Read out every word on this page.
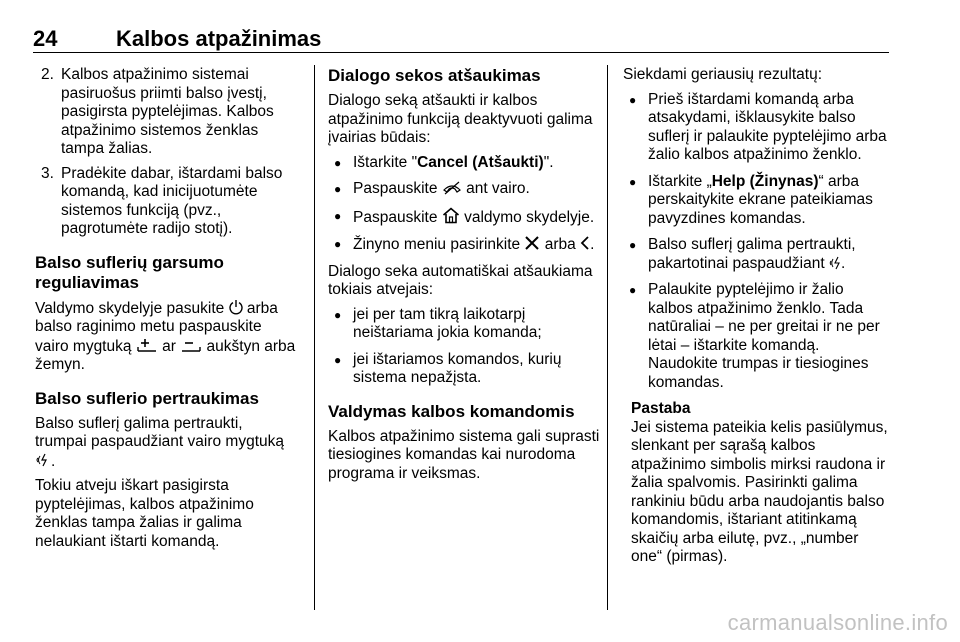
24	Kalbos atpažinimas
2. Kalbos atpažinimo sistemai pasiruošus priimti balso įvestį, pasigirsta pyptelėjimas. Kalbos atpažinimo sistemos ženklas tampa žalias.
3. Pradėkite dabar, ištardami balso komandą, kad inicijuotumėte sistemos funkciją (pvz., pagrotumėte radijo stotį).
Balso suflerių garsumo reguliavimas

Valdymo skydelyje pasukite arba balso raginimo metu paspauskite vairo mygtuką ar aukštyn arba žemyn.

Balso suflerio pertraukimas

Balso suflerį galima pertraukti, trumpai paspaudžiant vairo mygtuką .

Tokiu atveju iškart pasigirsta pyptelėjimas, kalbos atpažinimo ženklas tampa žalias ir galima nelaukiant ištarti komandą.

Dialogo sekos atšaukimas

Dialogo seką atšaukti ir kalbos atpažinimo funkciją deaktyvuoti galima įvairias būdais:

● Ištarkite "Cancel (Atšaukti)".
● Paspauskite ant vairo.
● Paspauskite valdymo skydelyje.
● Žinyno meniu pasirinkite arba .

Dialogo seka automatiškai atšaukiama tokiais atvejais:

● jei per tam tikrą laikotarpį neištariama jokia komanda;
● jei ištariamos komandos, kurių sistema nepažįsta.
Valdymas kalbos komandomis

Kalbos atpažinimo sistema gali suprasti tiesiogines komandas kai nurodoma programa ir veiksmas.

Siekdami geriausių rezultatų:

● Prieš ištardami komandą arba atsakydami, išklausykite balso suflerį ir palaukite pyptelėjimo arba žalio kalbos atpažinimo ženklo.
● Ištarkite „Help (Žinynas)“ arba perskaitykite ekrane pateikiamas pavyzdines komandas.
● Balso suflerį galima pertraukti, pakartotinai paspaudžiant .
● Palaukite pyptelėjimo ir žalio kalbos atpažinimo ženklo. Tada natūraliai – ne per greitai ir ne per lėtai – ištarkite komandą. Naudokite trumpas ir tiesiogines komandas.

Pastaba

Jei sistema pateikia kelis pasiūlymus, slenkant per sąrašą kalbos atpažinimo simbolis mirksi raudona ir žalia spalvomis. Pasirinkti galima rankiniu būdu arba naudojantis balso komandomis, ištariant atitinkamą skaičių arba eilutę, pvz., „number one“ (pirmas).

carmanualsonline.info
